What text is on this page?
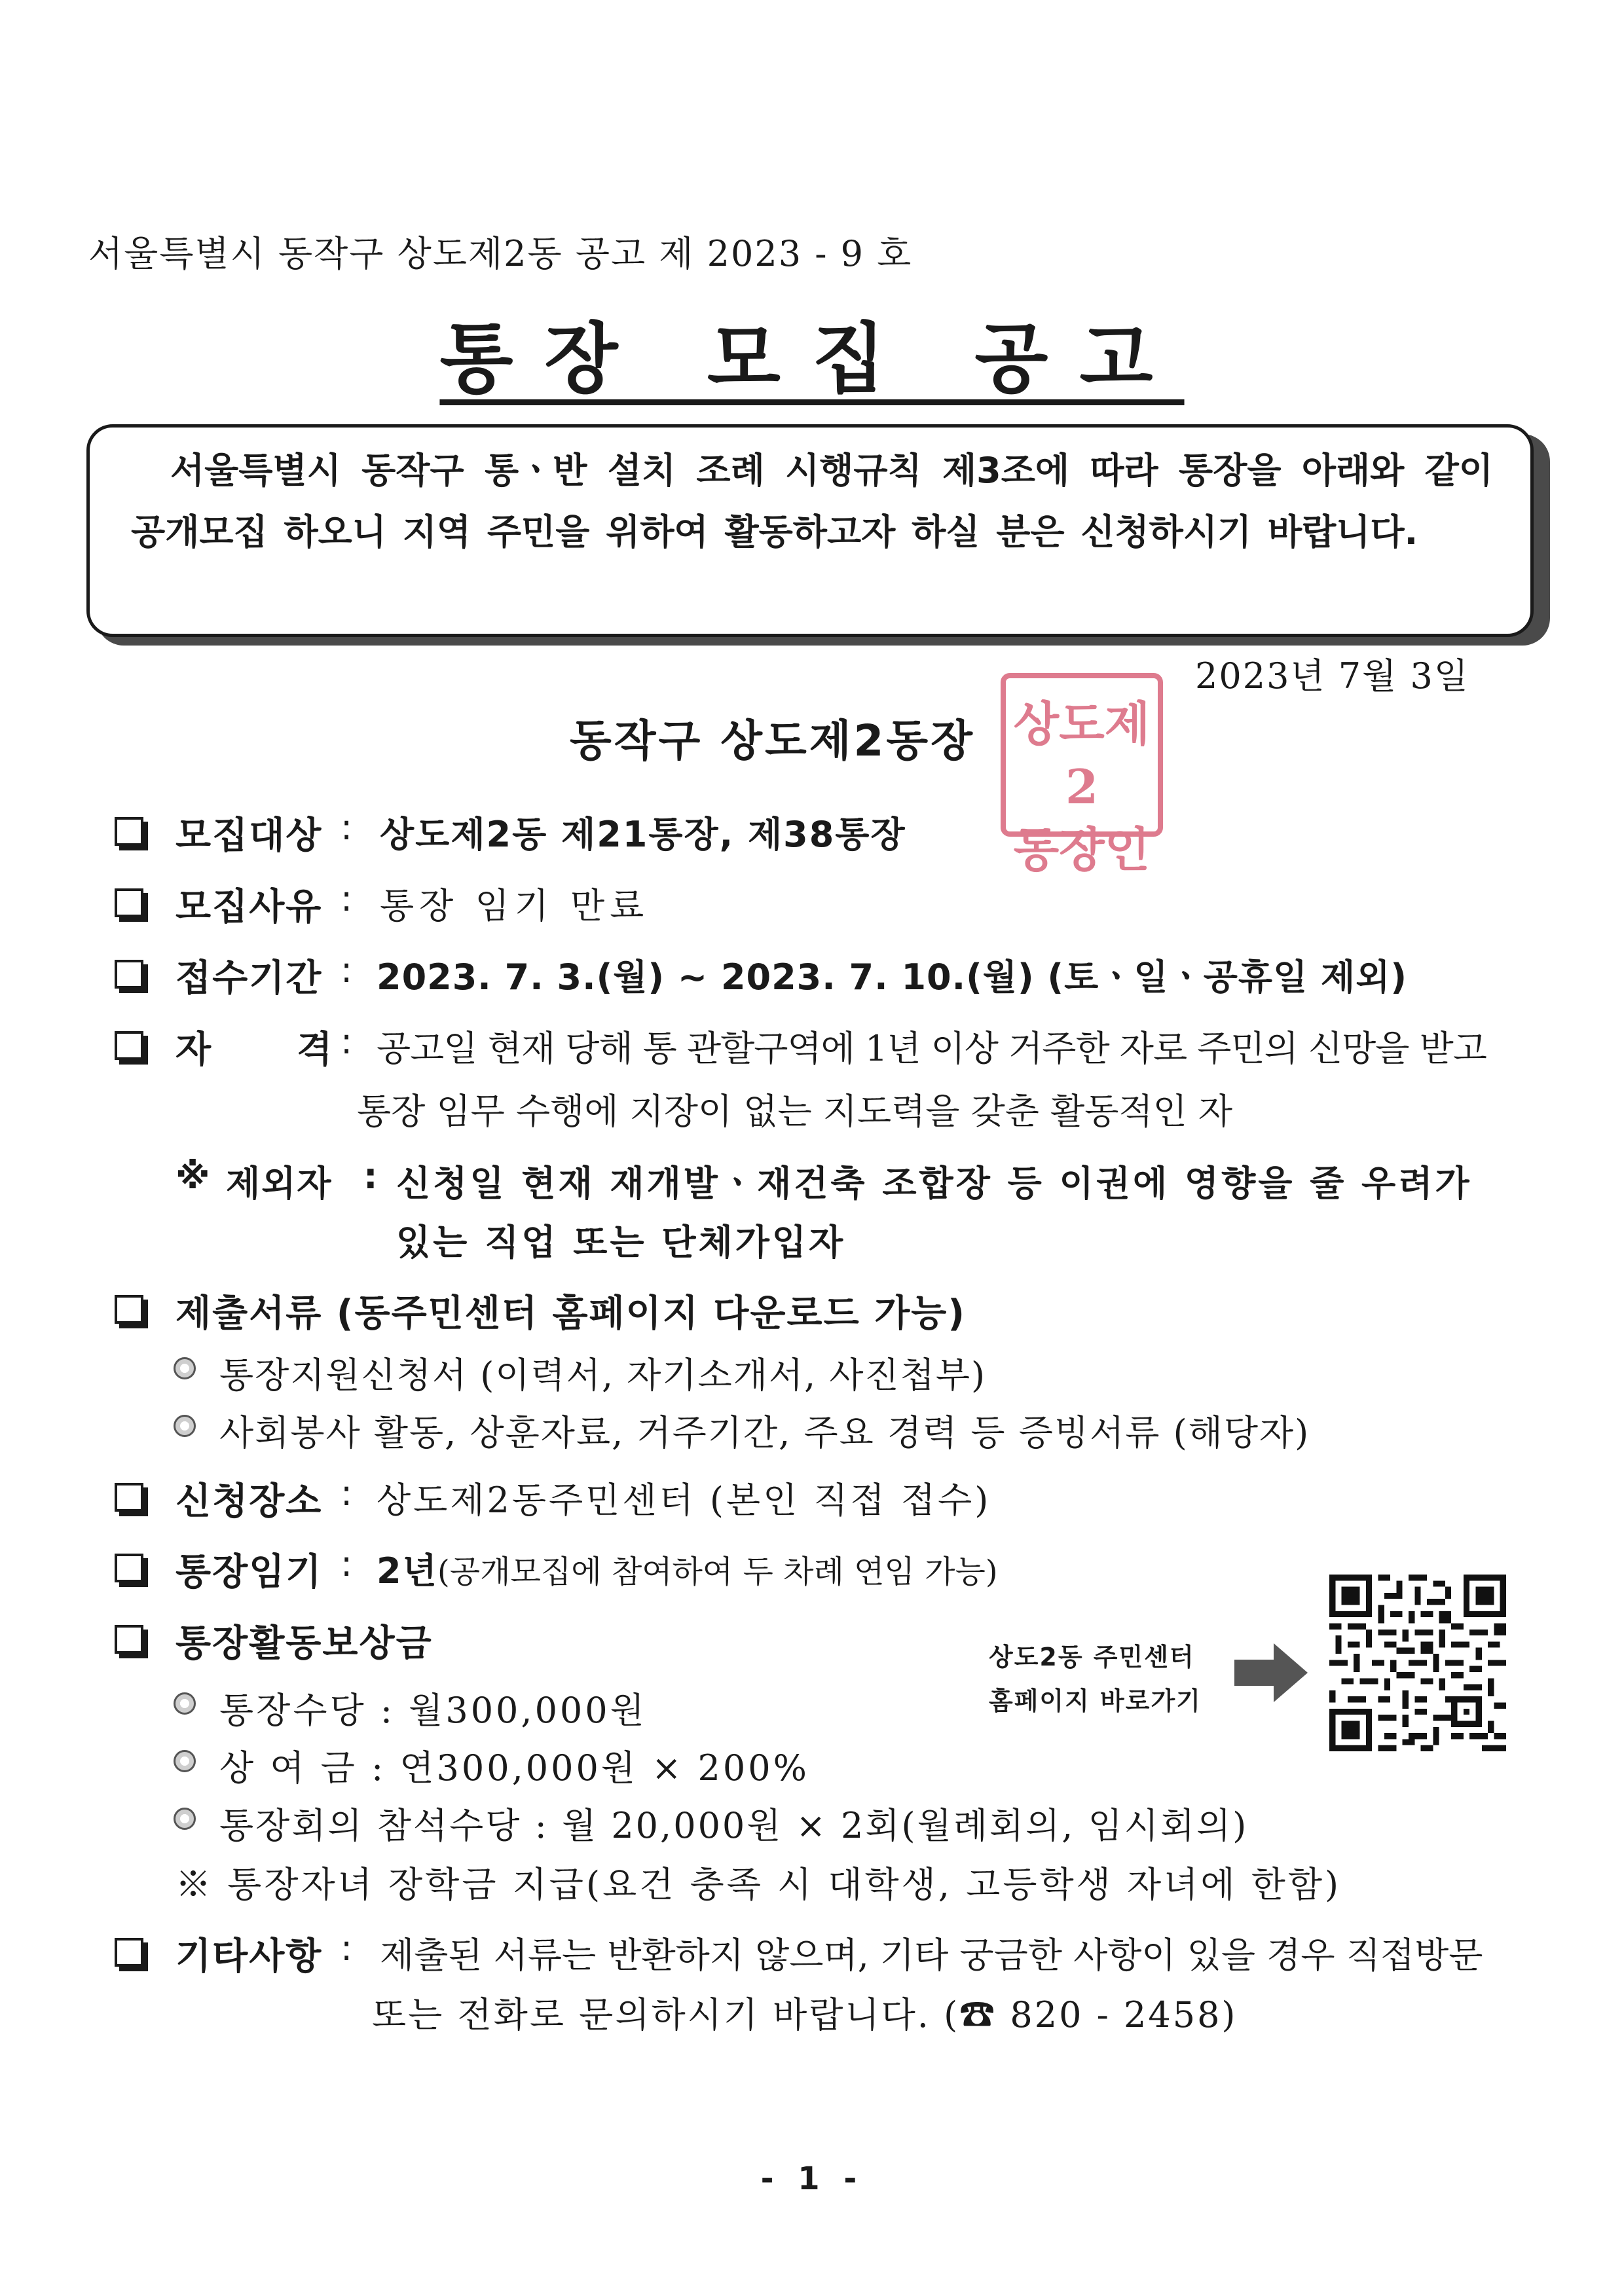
서울특별시 동작구 상도제2동 공고 제 2023 - 9 호
통장 모집 공고
서울특별시 동작구 통ㆍ반 설치 조례 시행규칙 제3조에 따라 통장을 아래와 같이 공개모집 하오니 지역 주민을 위하여 활동하고자 하실 분은 신청하시기 바랍니다.
2023년 7월 3일
동작구 상도제2동장 상도제2
동장인
모집대상 : 상도제2동 제21통장, 제38통장
모집사유 : 통장 임기 만료
접수기간 : 2023. 7. 3.(월) ~ 2023. 7. 10.(월) (토ㆍ일ㆍ공휴일 제외)
자      격 : 공고일 현재 당해 통 관할구역에 1년 이상 거주한 자로 주민의 신망을 받고
통장 임무 수행에 지장이 없는 지도력을 갖춘 활동적인 자
※ 제외자 : 신청일 현재 재개발ㆍ재건축 조합장 등 이권에 영향을 줄 우려가
있는 직업 또는 단체가입자
제출서류 (동주민센터 홈페이지 다운로드 가능)
통장지원신청서 (이력서, 자기소개서, 사진첩부)
사회봉사 활동, 상훈자료, 거주기간, 주요 경력 등 증빙서류 (해당자)
신청장소 : 상도제2동주민센터 (본인 직접 접수)
통장임기 : 2년 (공개모집에 참여하여 두 차례 연임 가능)
통장활동보상금
통장수당 : 월300,000원
상 여 금 : 연300,000원 × 200%
통장회의 참석수당 : 월 20,000원 × 2회(월례회의, 임시회의)
※ 통장자녀 장학금 지급(요건 충족 시 대학생, 고등학생 자녀에 한함)
상도2동 주민센터
홈페이지 바로가기
기타사항 : 제출된 서류는 반환하지 않으며, 기타 궁금한 사항이 있을 경우 직접방문
또는 전화로 문의하시기 바랍니다. (☎ 820 - 2458)
- 1 -
